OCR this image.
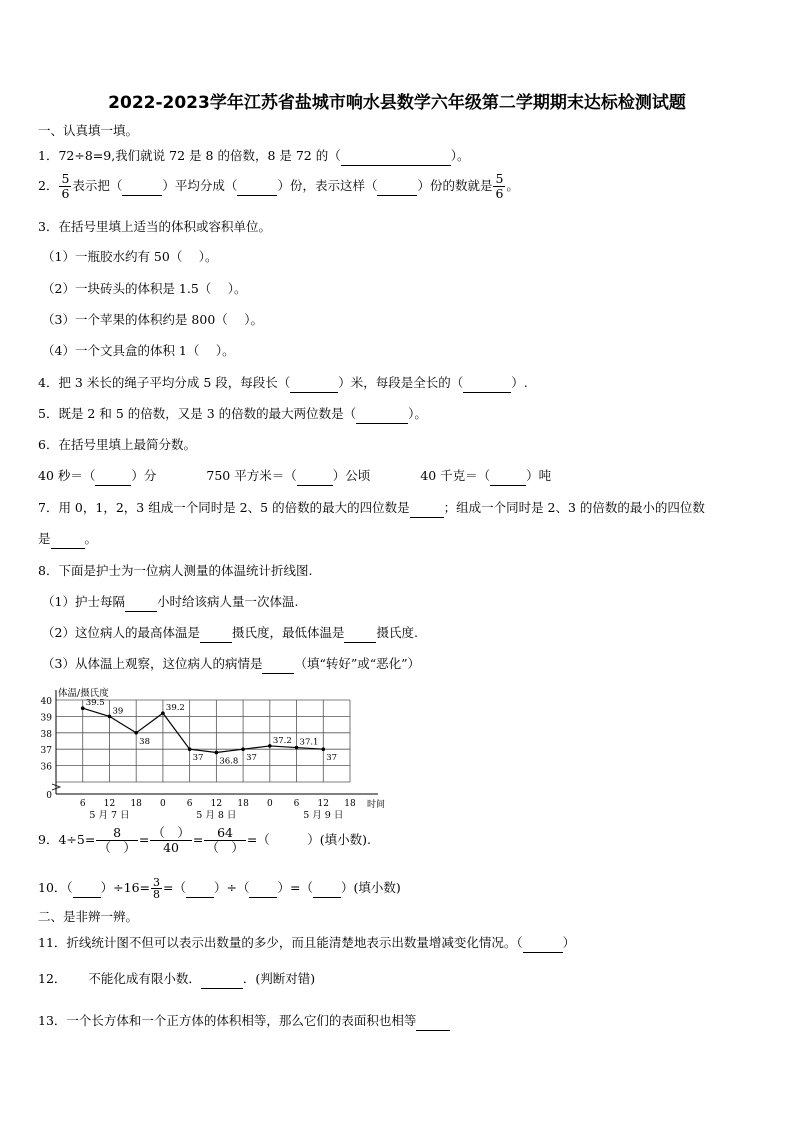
2022-2023学年江苏省盐城市响水县数学六年级第二学期期末达标检测试题
一、认真填一填。
1．72÷8=9,我们就说 72 是 8 的倍数，8 是 72 的（	）。
2． $\frac{5}{6}$ 表示把（	）平均分成（	）份，表示这样（	）份的数就是 $\frac{5}{6}$ 。
3．在括号里填上适当的体积或容积单位。
（1）一瓶胶水约有 50（　 ）。
（2）一块砖头的体积是 1.5（　 ）。
（3）一个苹果的体积约是 800（　 ）。
（4）一个文具盒的体积 1（　 ）。
4．把 3 米长的绳子平均分成 5 段，每段长（	）米，每段是全长的（	）.
5．既是 2 和 5 的倍数，又是 3 的倍数的最大两位数是（	）。
6．在括号里填上最简分数。
40 秒＝（	）分	750 平方米＝（	）公顷	40 千克＝（	）吨
7．用 0，1，2，3 组成一个同时是 2、5 的倍数的最大的四位数是	；组成一个同时是 2、3 的倍数的最小的四位数
是	。
8．下面是护士为一位病人测量的体温统计折线图.
（1）护士每隔	小时给该病人量一次体温.
（2）这位病人的最高体温是	摄氏度，最低体温是	摄氏度.
（3）从体温上观察，这位病人的病情是	（填“转好”或“恶化”）
0
36
37
38
39
40
体温/摄氏度
6 12 18 0 6 12 18 0 6 12 18 时间
5 月 7 日	5 月 8 日	5 月 9 日
39.5
39
38
39.2
37 36.8 37
37.2 37.1
37
9．$4\div 5= \frac{8}{( )} = \frac{( )}{40} = \frac{64}{( )}$ =（　　　）(填小数).
10．（ ）$\div 16= \frac{3}{8}$ =（ ）÷（ ）=（ ）(填小数)
二、是非辨一辨。
11．折线统计图不但可以表示出数量的多少，而且能清楚地表示出数量增减变化情况。（	）
12． 不能化成有限小数．	．(判断对错)
13．一个长方体和一个正方体的体积相等，那么它们的表面积也相等
